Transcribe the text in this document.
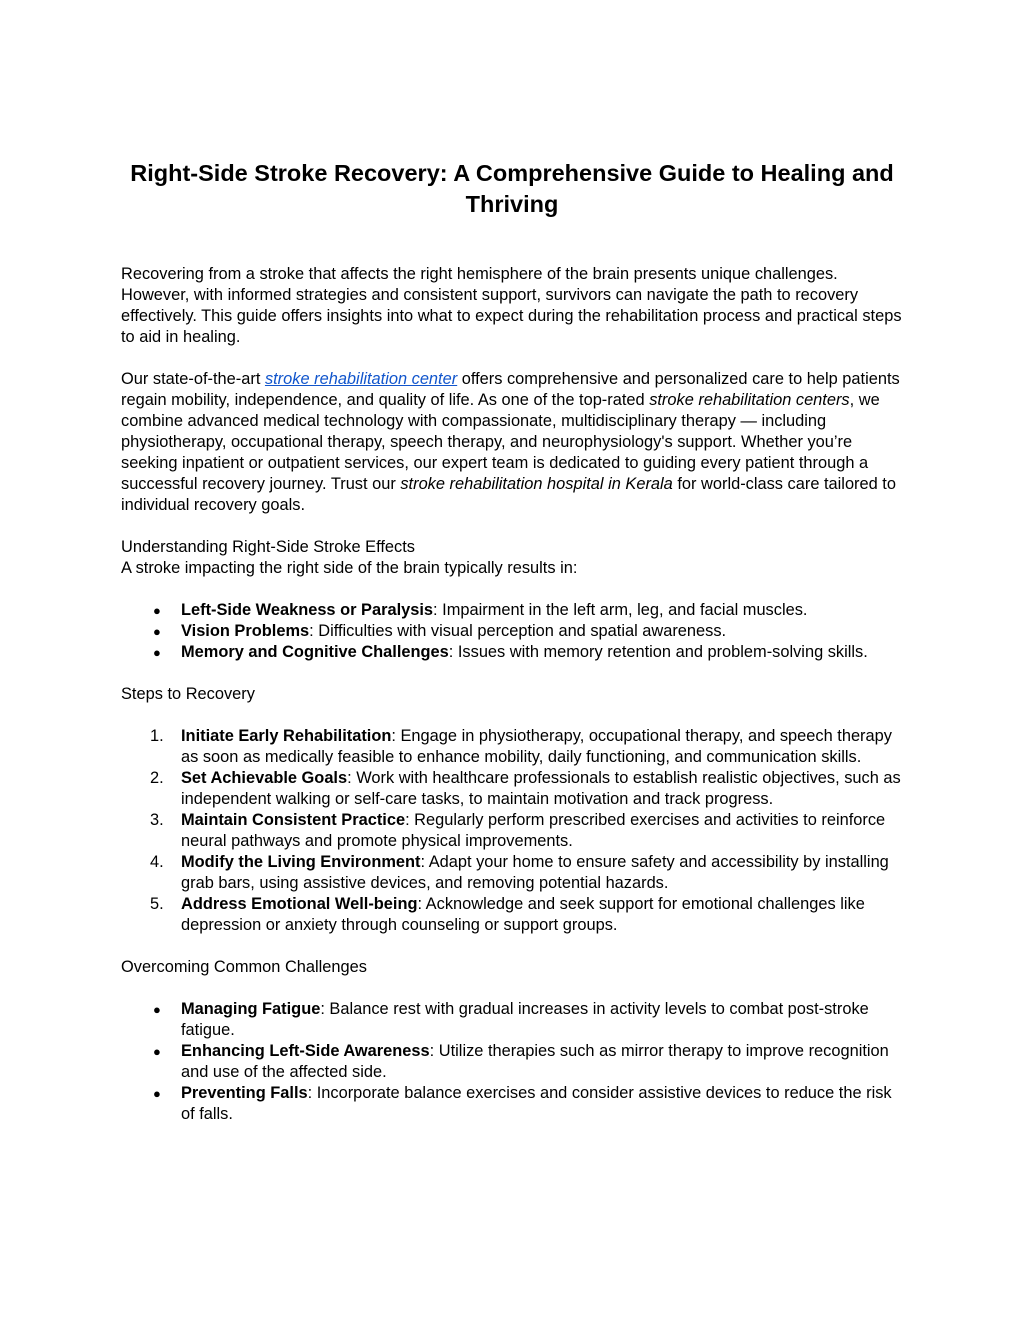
Right-Side Stroke Recovery: A Comprehensive Guide to Healing and Thriving

Recovering from a stroke that affects the right hemisphere of the brain presents unique challenges. However, with informed strategies and consistent support, survivors can navigate the path to recovery effectively. This guide offers insights into what to expect during the rehabilitation process and practical steps to aid in healing.

Our state-of-the-art stroke rehabilitation center offers comprehensive and personalized care to help patients regain mobility, independence, and quality of life. As one of the top-rated stroke rehabilitation centers, we combine advanced medical technology with compassionate, multidisciplinary therapy — including physiotherapy, occupational therapy, speech therapy, and neurophysiology's support. Whether you’re seeking inpatient or outpatient services, our expert team is dedicated to guiding every patient through a successful recovery journey. Trust our stroke rehabilitation hospital in Kerala for world-class care tailored to individual recovery goals.

Understanding Right-Side Stroke Effects

A stroke impacting the right side of the brain typically results in:

● Left-Side Weakness or Paralysis: Impairment in the left arm, leg, and facial muscles.
● Vision Problems: Difficulties with visual perception and spatial awareness.
● Memory and Cognitive Challenges: Issues with memory retention and problem-solving skills.

Steps to Recovery

1. Initiate Early Rehabilitation: Engage in physiotherapy, occupational therapy, and speech therapy as soon as medically feasible to enhance mobility, daily functioning, and communication skills.
2. Set Achievable Goals: Work with healthcare professionals to establish realistic objectives, such as independent walking or self-care tasks, to maintain motivation and track progress.
3. Maintain Consistent Practice: Regularly perform prescribed exercises and activities to reinforce neural pathways and promote physical improvements.
4. Modify the Living Environment: Adapt your home to ensure safety and accessibility by installing grab bars, using assistive devices, and removing potential hazards.
5. Address Emotional Well-being: Acknowledge and seek support for emotional challenges like depression or anxiety through counseling or support groups.

Overcoming Common Challenges

● Managing Fatigue: Balance rest with gradual increases in activity levels to combat post-stroke fatigue.
● Enhancing Left-Side Awareness: Utilize therapies such as mirror therapy to improve recognition and use of the affected side.
● Preventing Falls: Incorporate balance exercises and consider assistive devices to reduce the risk of falls.
